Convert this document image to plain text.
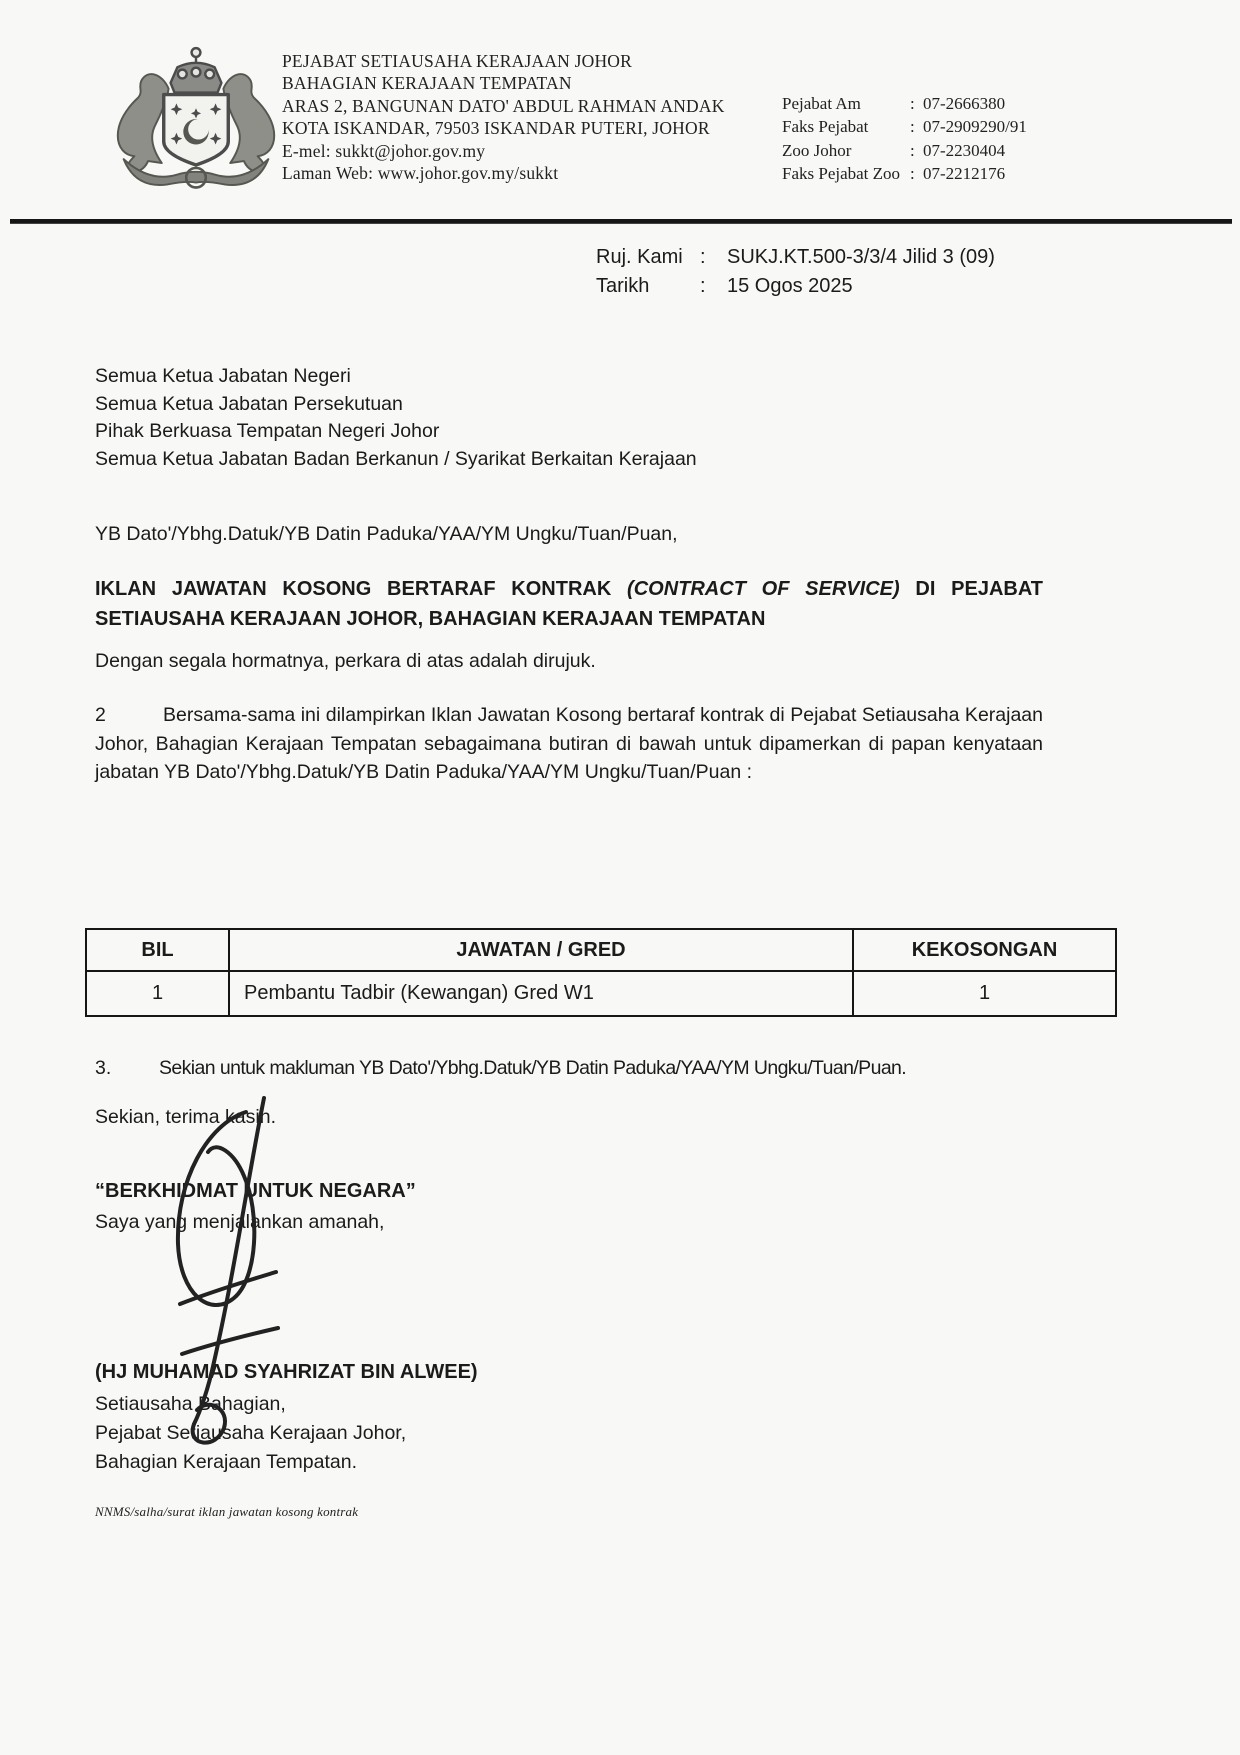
PEJABAT SETIAUSAHA KERAJAAN JOHOR
BAHAGIAN KERAJAAN TEMPATAN
ARAS 2, BANGUNAN DATO' ABDUL RAHMAN ANDAK
KOTA ISKANDAR, 79503 ISKANDAR PUTERI, JOHOR
E-mel: sukkt@johor.gov.my
Laman Web: www.johor.gov.my/sukkt
Pejabat Am	: 07-2666380
Faks Pejabat : 07-2909290/91
Zoo Johor	: 07-2230404
Faks Pejabat Zoo : 07-2212176
Ruj. Kami : SUKJ.KT.500-3/3/4 Jilid 3 (09)
Tarikh	: 15 Ogos 2025
Semua Ketua Jabatan Negeri
Semua Ketua Jabatan Persekutuan
Pihak Berkuasa Tempatan Negeri Johor
Semua Ketua Jabatan Badan Berkanun / Syarikat Berkaitan Kerajaan
YB Dato'/Ybhg.Datuk/YB Datin Paduka/YAA/YM Ungku/Tuan/Puan,
IKLAN JAWATAN KOSONG BERTARAF KONTRAK (CONTRACT OF SERVICE) DI PEJABAT SETIAUSAHA KERAJAAN JOHOR, BAHAGIAN KERAJAAN TEMPATAN
Dengan segala hormatnya, perkara di atas adalah dirujuk.
2	Bersama-sama ini dilampirkan Iklan Jawatan Kosong bertaraf kontrak di Pejabat Setiausaha Kerajaan Johor, Bahagian Kerajaan Tempatan sebagaimana butiran di bawah untuk dipamerkan di papan kenyataan jabatan YB Dato'/Ybhg.Datuk/YB Datin Paduka/YAA/YM Ungku/Tuan/Puan :
BIL	JAWATAN / GRED	KEKOSONGAN
1	Pembantu Tadbir (Kewangan) Gred W1	1
3. Sekian untuk makluman YB Dato'/Ybhg.Datuk/YB Datin Paduka/YAA/YM Ungku/Tuan/Puan.
Sekian, terima kasih.
“BERKHIDMAT UNTUK NEGARA”
Saya yang menjalankan amanah,
(HJ MUHAMAD SYAHRIZAT BIN ALWEE)
Setiausaha Bahagian,
Pejabat Setiausaha Kerajaan Johor,
Bahagian Kerajaan Tempatan.
NNMS/salha/surat iklan jawatan kosong kontrak
